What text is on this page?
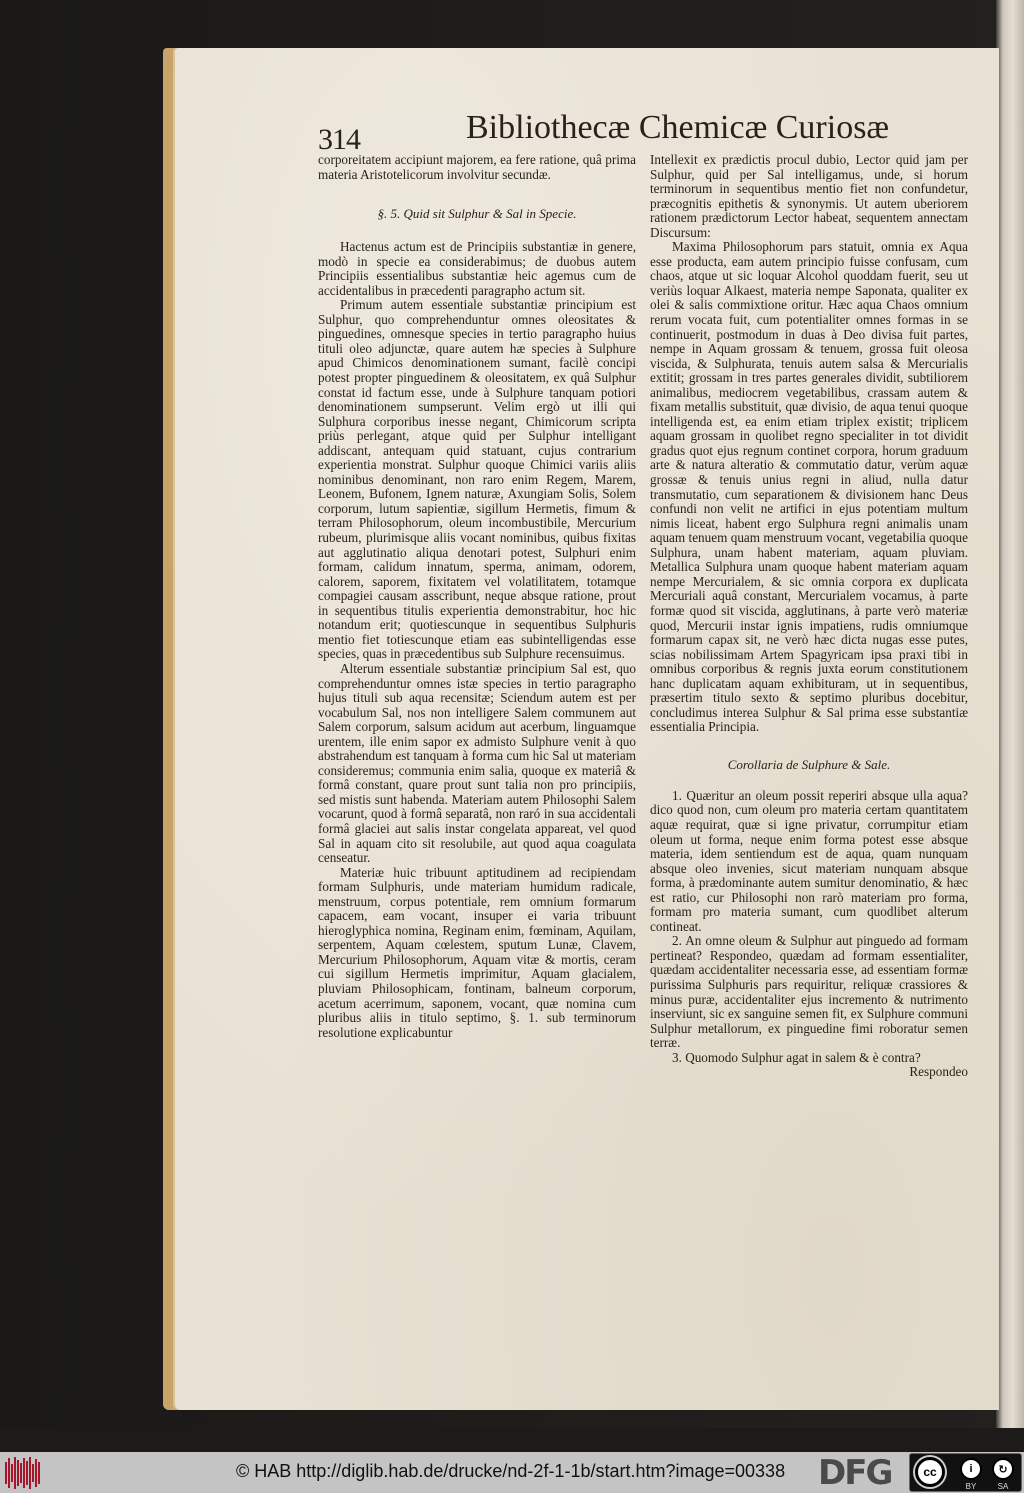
314	Bibliothecæ Chemicæ Curiosæ

corporeitatem accipiunt majorem, ea fere ratione, quâ prima materia Aristotelicorum involvitur secundæ.

§. 5. Quid sit Sulphur & Sal in Specie.

Hactenus actum est de Principiis substantiæ in genere, modò in specie ea considerabimus; de duobus autem Principiis essentialibus substantiæ heic agemus cum de accidentalibus in præcedenti paragrapho actum sit.

Primum autem essentiale substantiæ principium est Sulphur, quo comprehenduntur omnes oleositates & pinguedines, omnesque species in tertio paragrapho huius tituli oleo adjunctæ, quare autem hæ species à Sulphure apud Chimicos denominationem sumant, facilè concipi potest propter pinguedinem & oleositatem, ex quâ Sulphur constat id factum esse, unde à Sulphure tanquam potiori denominationem sumpserunt. Velim ergò ut illi qui Sulphura corporibus inesse negant, Chimicorum scripta priùs perlegant, atque quid per Sulphur intelligant addiscant, antequam quid statuant, cujus contrarium experientia monstrat. Sulphur quoque Chimici variis aliis nominibus denominant, non raro enim Regem, Marem, Leonem, Bufonem, Ignem naturæ, Axungiam Solis, Solem corporum, lutum sapientiæ, sigillum Hermetis, fimum & terram Philosophorum, oleum incombustibile, Mercurium rubeum, plurimisque aliis vocant nominibus, quibus fixitas aut agglutinatio aliqua denotari potest, Sulphuri enim formam, calidum innatum, sperma, animam, odorem, calorem, saporem, fixitatem vel volatilitatem, totamque compagiei causam asscribunt, neque absque ratione, prout in sequentibus titulis experientia demonstrabitur, hoc hic notandum erit; quotiescunque in sequentibus Sulphuris mentio fiet totiescunque etiam eas subintelligendas esse species, quas in præcedentibus sub Sulphure recensuimus.

Alterum essentiale substantiæ principium Sal est, quo comprehenduntur omnes istæ species in tertio paragrapho hujus tituli sub aqua recensitæ; Sciendum autem est per vocabulum Sal, nos non intelligere Salem communem aut Salem corporum, salsum acidum aut acerbum, linguamque urentem, ille enim sapor ex admisto Sulphure venit à quo abstrahendum est tanquam à forma cum hic Sal ut materiam consideremus; communia enim salia, quoque ex materiâ & formâ constant, quare prout sunt talia non pro principiis, sed mistis sunt habenda. Materiam autem Philosophi Salem vocarunt, quod à formâ separatâ, non raró in sua accidentali formâ glaciei aut salis instar congelata appareat, vel quod Sal in aquam cito sit resolubile, aut quod aqua coagulata censeatur.

Materiæ huic tribuunt aptitudinem ad recipiendam formam Sulphuris, unde materiam humidum radicale, menstruum, corpus potentiale, rem omnium formarum capacem, eam vocant, insuper ei varia tribuunt hieroglyphica nomina, Reginam enim, fœminam, Aquilam, serpentem, Aquam cœlestem, sputum Lunæ, Clavem, Mercurium Philosophorum, Aquam vitæ & mortis, ceram cui sigillum Hermetis imprimitur, Aquam glacialem, pluviam Philosophicam, fontinam, balneum corporum, acetum acerrimum, saponem, vocant, quæ nomina cum pluribus aliis in titulo septimo, §. 1. sub terminorum resolutione explicabuntur

Intellexit ex prædictis procul dubio, Lector quid jam per Sulphur, quid per Sal intelligamus, unde, si horum terminorum in sequentibus mentio fiet non confundetur, præcognitis epithetis & synonymis. Ut autem uberiorem rationem prædictorum Lector habeat, sequentem annectam Discursum:

Maxima Philosophorum pars statuit, omnia ex Aqua esse producta, eam autem principio fuisse confusam, cum chaos, atque ut sic loquar Alcohol quoddam fuerit, seu ut veriùs loquar Alkaest, materia nempe Saponata, qualiter ex olei & salis commixtione oritur. Hæc aqua Chaos omnium rerum vocata fuit, cum potentialiter omnes formas in se continuerit, postmodum in duas à Deo divisa fuit partes, nempe in Aquam grossam & tenuem, grossa fuit oleosa viscida, & Sulphurata, tenuis autem salsa & Mercurialis extitit; grossam in tres partes generales dividit, subtiliorem animalibus, mediocrem vegetabilibus, crassam autem & fixam metallis substituit, quæ divisio, de aqua tenui quoque intelligenda est, ea enim etiam triplex existit; triplicem aquam grossam in quolibet regno specialiter in tot dividit gradus quot ejus regnum continet corpora, horum graduum arte & natura alteratio & commutatio datur, verùm aquæ grossæ & tenuis unius regni in aliud, nulla datur transmutatio, cum separationem & divisionem hanc Deus confundi non velit ne artifici in ejus potentiam multum nimis liceat, habent ergo Sulphura regni animalis unam aquam tenuem quam menstruum vocant, vegetabilia quoque Sulphura, unam habent materiam, aquam pluviam. Metallica Sulphura unam quoque habent materiam aquam nempe Mercurialem, & sic omnia corpora ex duplicata Mercuriali aquâ constant, Mercurialem vocamus, à parte formæ quod sit viscida, agglutinans, à parte verò materiæ quod, Mercurii instar ignis impatiens, rudis omniumque formarum capax sit, ne verò hæc dicta nugas esse putes, scias nobilissimam Artem Spagyricam ipsa praxi tibi in omnibus corporibus & regnis juxta eorum constitutionem hanc duplicatam aquam exhibituram, ut in sequentibus, præsertim titulo sexto & septimo pluribus docebitur, concludimus interea Sulphur & Sal prima esse substantiæ essentialia Principia.

Corollaria de Sulphure & Sale.

1. Quæritur an oleum possit reperiri absque ulla aqua? dico quod non, cum oleum pro materia certam quantitatem aquæ requirat, quæ si igne privatur, corrumpitur etiam oleum ut forma, neque enim forma potest esse absque materia, idem sentiendum est de aqua, quam nunquam absque oleo invenies, sicut materiam nunquam absque forma, à prædominante autem sumitur denominatio, & hæc est ratio, cur Philosophi non rarò materiam pro forma, formam pro materia sumant, cum quodlibet alterum contineat.

2. An omne oleum & Sulphur aut pinguedo ad formam pertineat? Respondeo, quædam ad formam essentialiter, quædam accidentaliter necessaria esse, ad essentiam formæ purissima Sulphuris pars requiritur, reliquæ crassiores & minus puræ, accidentaliter ejus incremento & nutrimento inserviunt, sic ex sanguine semen fit, ex Sulphure communi Sulphur metallorum, ex pinguedine fimi roboratur semen terræ.

3. Quomodo Sulphur agat in salem & è contra?

Respondeo

© HAB http://diglib.hab.de/drucke/nd-2f-1-1b/start.htm?image=00338 DFG	cc	i
BY
↻
SA
